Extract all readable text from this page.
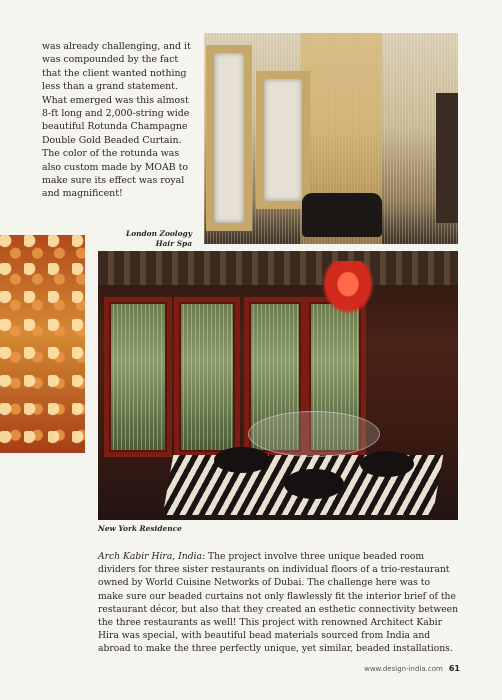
was already challenging, and it was compounded by the fact that the client wanted nothing less than a grand statement. What emerged was this almost 8-ft long and 2,000-string wide beautiful Rotunda Champagne Double Gold Beaded Curtain. The color of the rotunda was also custom made by MOAB to make sure its effect was royal and magnificent!

London Zoology
Hair Spa

New York Residence

Arch Kabir Hira, India: The project involve three unique beaded room dividers for three sister restaurants on individual floors of a trio-restaurant owned by World Cuisine Networks of Dubai. The challenge here was to make sure our beaded curtains not only flawlessly fit the interior brief of the restaurant décor, but also that they created an esthetic connectivity between the three restaurants as well! This project with renowned Architect Kabir Hira was special, with beautiful bead materials sourced from India and abroad to make the three perfectly unique, yet similar, beaded installations.

www.design-india.com 61
